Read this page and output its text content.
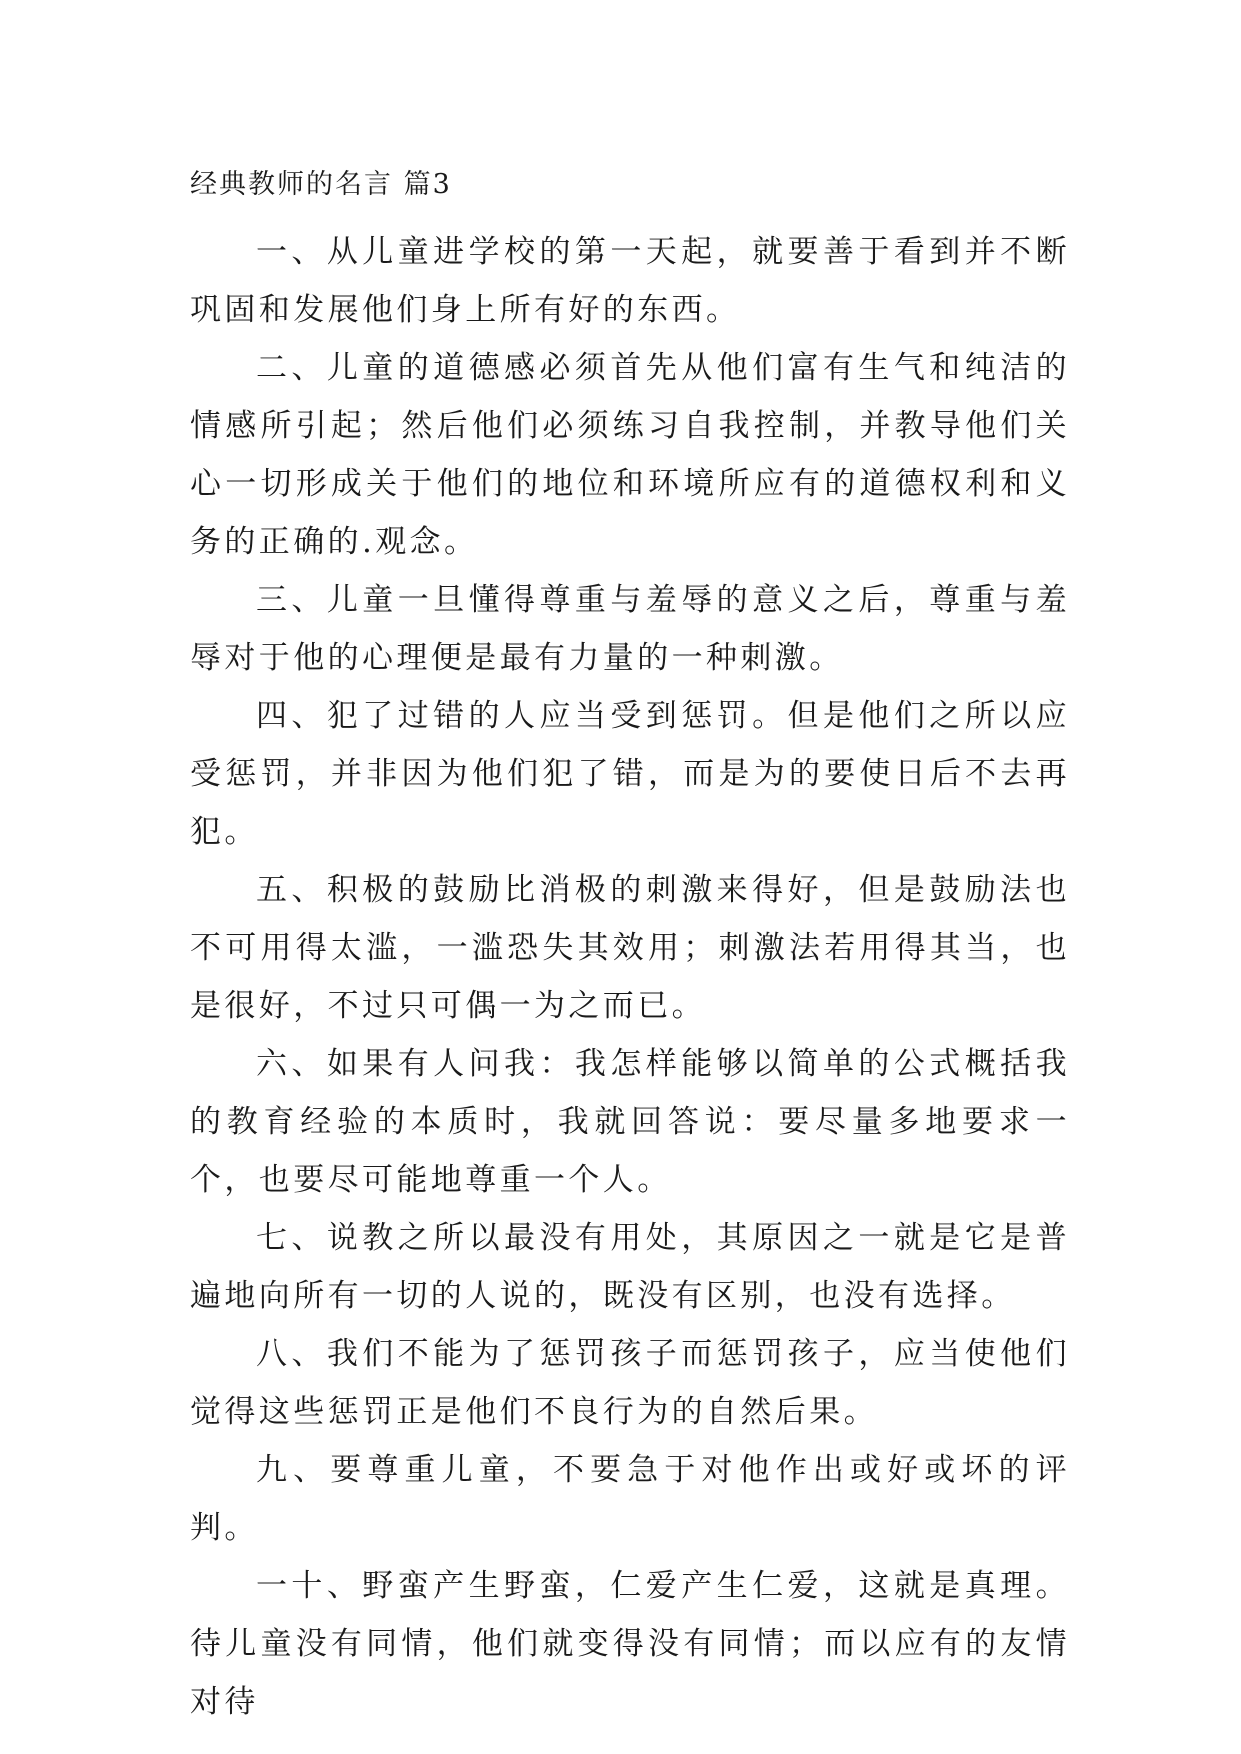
经典教师的名言 篇3

一、从儿童进学校的第一天起，就要善于看到并不断巩固和发展他们身上所有好的东西。

二、儿童的道德感必须首先从他们富有生气和纯洁的情感所引起；然后他们必须练习自我控制，并教导他们关心一切形成关于他们的地位和环境所应有的道德权利和义务的正确的.观念。

三、儿童一旦懂得尊重与羞辱的意义之后，尊重与羞辱对于他的心理便是最有力量的一种刺激。

四、犯了过错的人应当受到惩罚。但是他们之所以应受惩罚，并非因为他们犯了错，而是为的要使日后不去再犯。

五、积极的鼓励比消极的刺激来得好，但是鼓励法也不可用得太滥，一滥恐失其效用；刺激法若用得其当，也是很好，不过只可偶一为之而已。

六、如果有人问我：我怎样能够以简单的公式概括我的教育经验的本质时，我就回答说：要尽量多地要求一个，也要尽可能地尊重一个人。

七、说教之所以最没有用处，其原因之一就是它是普遍地向所有一切的人说的，既没有区别，也没有选择。

八、我们不能为了惩罚孩子而惩罚孩子，应当使他们觉得这些惩罚正是他们不良行为的自然后果。

九、要尊重儿童，不要急于对他作出或好或坏的评判。

一十、野蛮产生野蛮，仁爱产生仁爱，这就是真理。待儿童没有同情，他们就变得没有同情；而以应有的友情对待
